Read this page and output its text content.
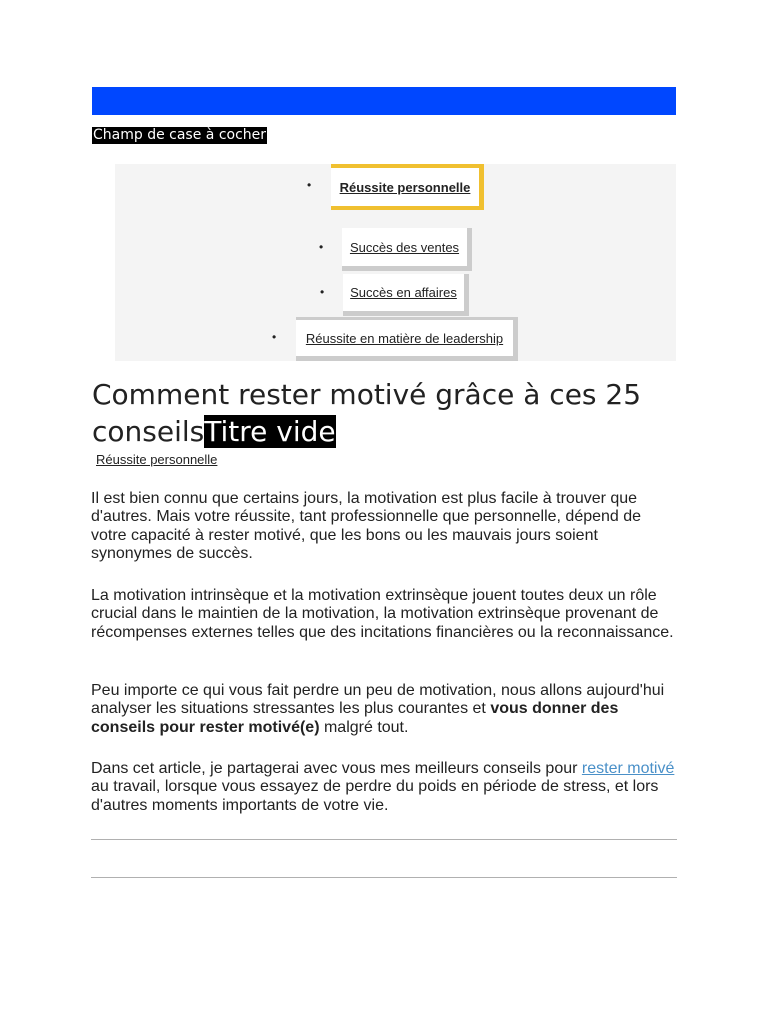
Champ de case à cocher
• Réussite personnelle
• Succès des ventes
• Succès en affaires
• Réussite en matière de leadership
Comment rester motivé grâce à ces 25 conseilsTitre vide
Réussite personnelle

Il est bien connu que certains jours, la motivation est plus facile à trouver que d'autres. Mais votre réussite, tant professionnelle que personnelle, dépend de votre capacité à rester motivé, que les bons ou les mauvais jours soient synonymes de succès.

La motivation intrinsèque et la motivation extrinsèque jouent toutes deux un rôle crucial dans le maintien de la motivation, la motivation extrinsèque provenant de récompenses externes telles que des incitations financières ou la reconnaissance.

Peu importe ce qui vous fait perdre un peu de motivation, nous allons aujourd'hui analyser les situations stressantes les plus courantes et vous donner des conseils pour rester motivé(e) malgré tout.

Dans cet article, je partagerai avec vous mes meilleurs conseils pour rester motivé au travail, lorsque vous essayez de perdre du poids en période de stress, et lors d'autres moments importants de votre vie.
